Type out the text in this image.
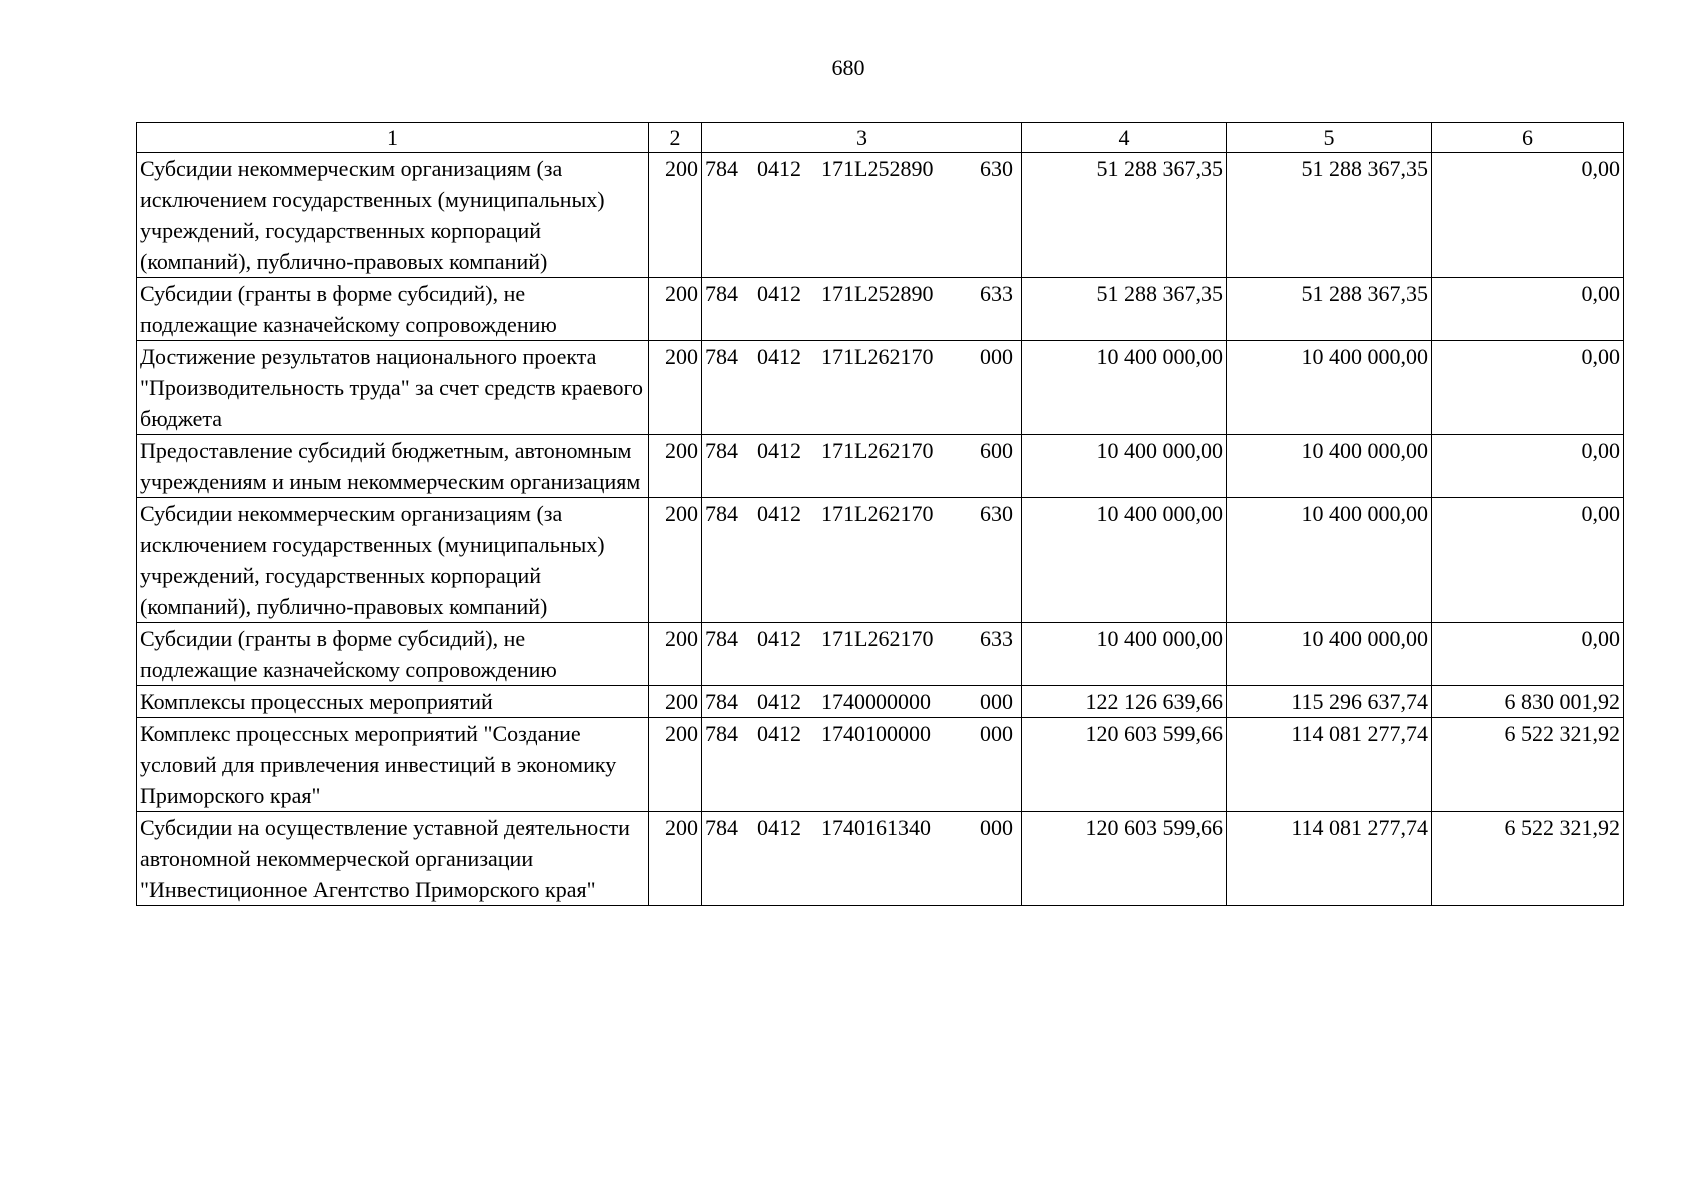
680
1	2	3	4	5	6
Субсидии некоммерческим организациям (за исключением государственных (муниципальных) учреждений, государственных корпораций (компаний), публично-правовых компаний)	200	784 0412 171L252890 630	51 288 367,35	51 288 367,35	0,00
Субсидии (гранты в форме субсидий), не подлежащие казначейскому сопровождению	200	784 0412 171L252890 633	51 288 367,35	51 288 367,35	0,00
Достижение результатов национального проекта "Производительность труда" за счет средств краевого бюджета	200	784 0412 171L262170 000	10 400 000,00	10 400 000,00	0,00
Предоставление субсидий бюджетным, автономным учреждениям и иным некоммерческим организациям	200	784 0412 171L262170 600	10 400 000,00	10 400 000,00	0,00
Субсидии некоммерческим организациям (за исключением государственных (муниципальных) учреждений, государственных корпораций (компаний), публично-правовых компаний)	200	784 0412 171L262170 630	10 400 000,00	10 400 000,00	0,00
Субсидии (гранты в форме субсидий), не подлежащие казначейскому сопровождению	200	784 0412 171L262170 633	10 400 000,00	10 400 000,00	0,00
Комплексы процессных мероприятий	200	784 0412 1740000000 000	122 126 639,66	115 296 637,74	6 830 001,92
Комплекс процессных мероприятий "Создание условий для привлечения инвестиций в экономику Приморского края"	200	784 0412 1740100000 000	120 603 599,66	114 081 277,74	6 522 321,92
Субсидии на осуществление уставной деятельности автономной некоммерческой организации "Инвестиционное Агентство Приморского края"	200	784 0412 1740161340 000	120 603 599,66	114 081 277,74	6 522 321,92
